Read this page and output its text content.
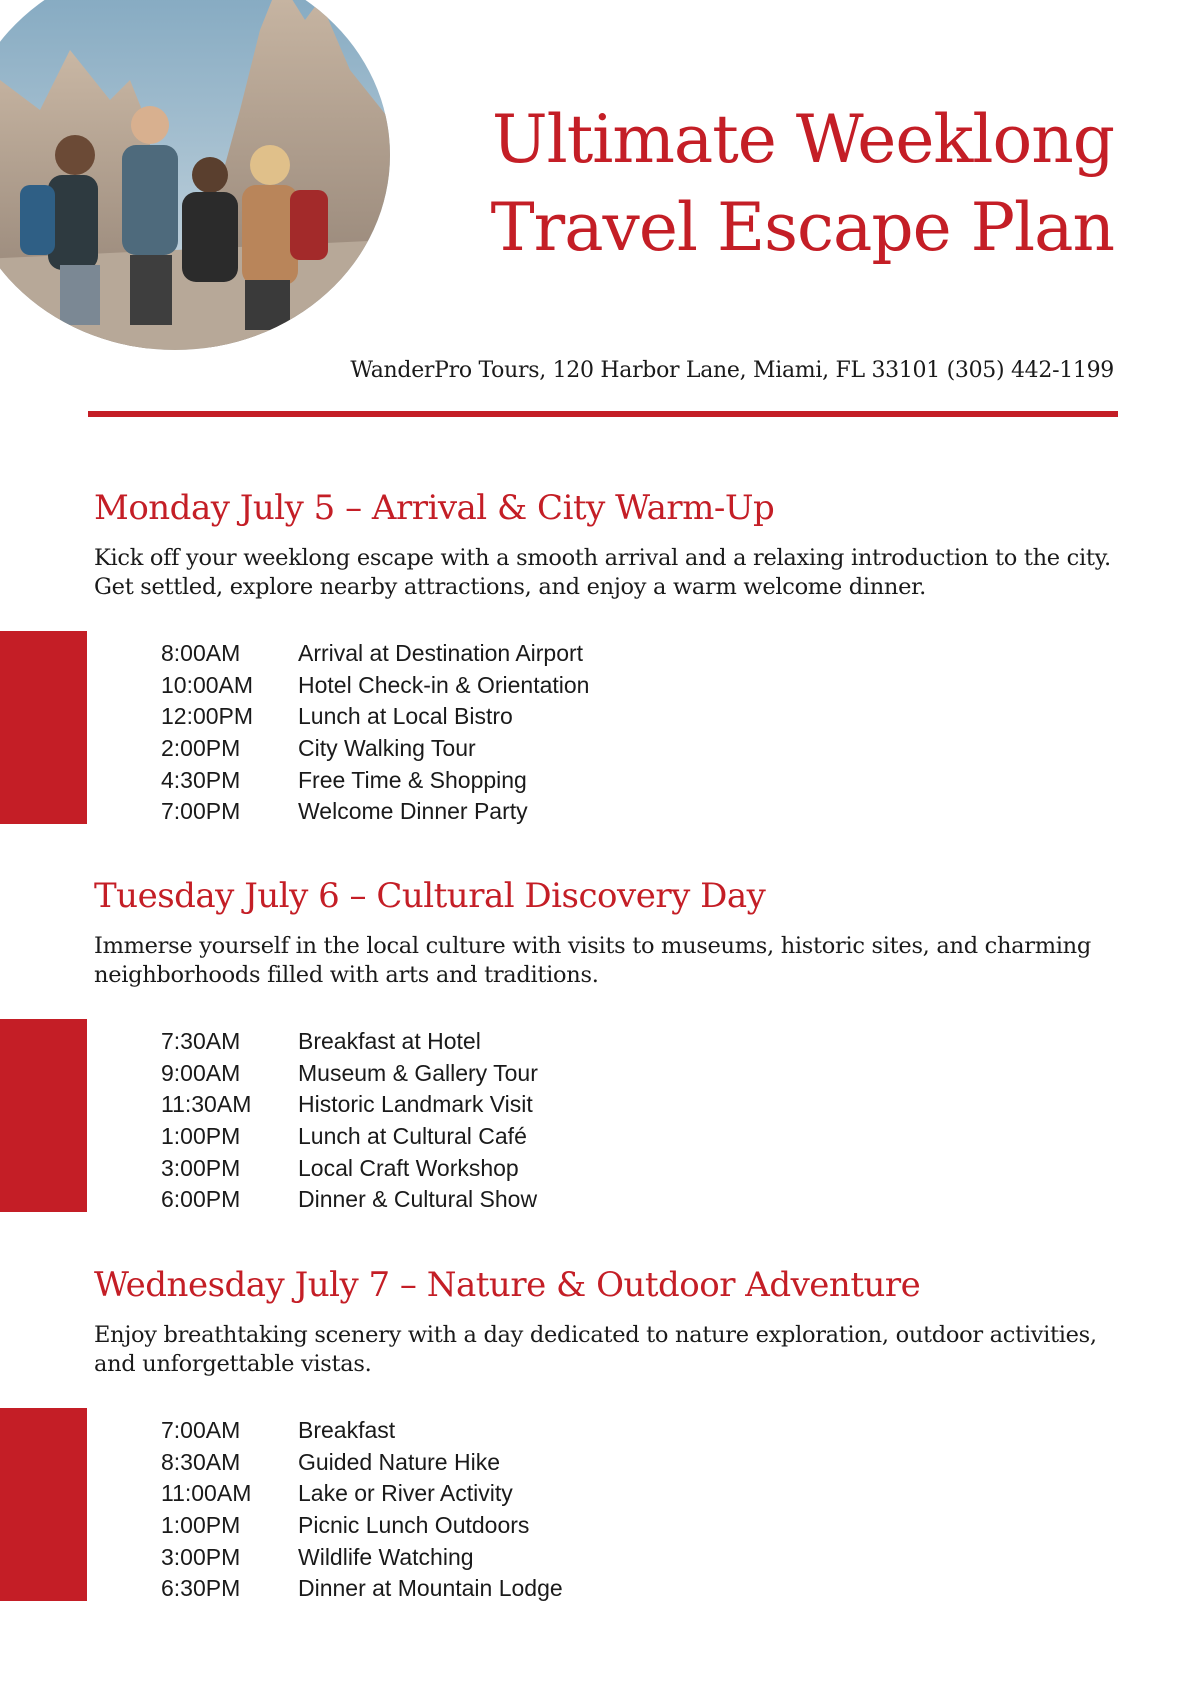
Ultimate Weeklong
Travel Escape Plan

WanderPro Tours, 120 Harbor Lane, Miami, FL 33101 (305) 442-1199

Monday July 5 – Arrival & City Warm-Up

Kick off your weeklong escape with a smooth arrival and a relaxing introduction to the city. Get settled, explore nearby attractions, and enjoy a warm welcome dinner.

8:00AM	Arrival at Destination Airport
10:00AM Hotel Check-in & Orientation
12:00PM Lunch at Local Bistro
2:00PM	City Walking Tour
4:30PM	Free Time & Shopping
7:00PM	Welcome Dinner Party
Tuesday July 6 – Cultural Discovery Day

Immerse yourself in the local culture with visits to museums, historic sites, and charming neighborhoods filled with arts and traditions.

7:30AM	Breakfast at Hotel
9:00AM	Museum & Gallery Tour
11:30AM Historic Landmark Visit
1:00PM	Lunch at Cultural Café
3:00PM	Local Craft Workshop
6:00PM	Dinner & Cultural Show
Wednesday July 7 – Nature & Outdoor Adventure

Enjoy breathtaking scenery with a day dedicated to nature exploration, outdoor activities, and unforgettable vistas.

7:00AM	Breakfast
8:30AM	Guided Nature Hike
11:00AM Lake or River Activity
1:00PM	Picnic Lunch Outdoors
3:00PM	Wildlife Watching
6:30PM	Dinner at Mountain Lodge
